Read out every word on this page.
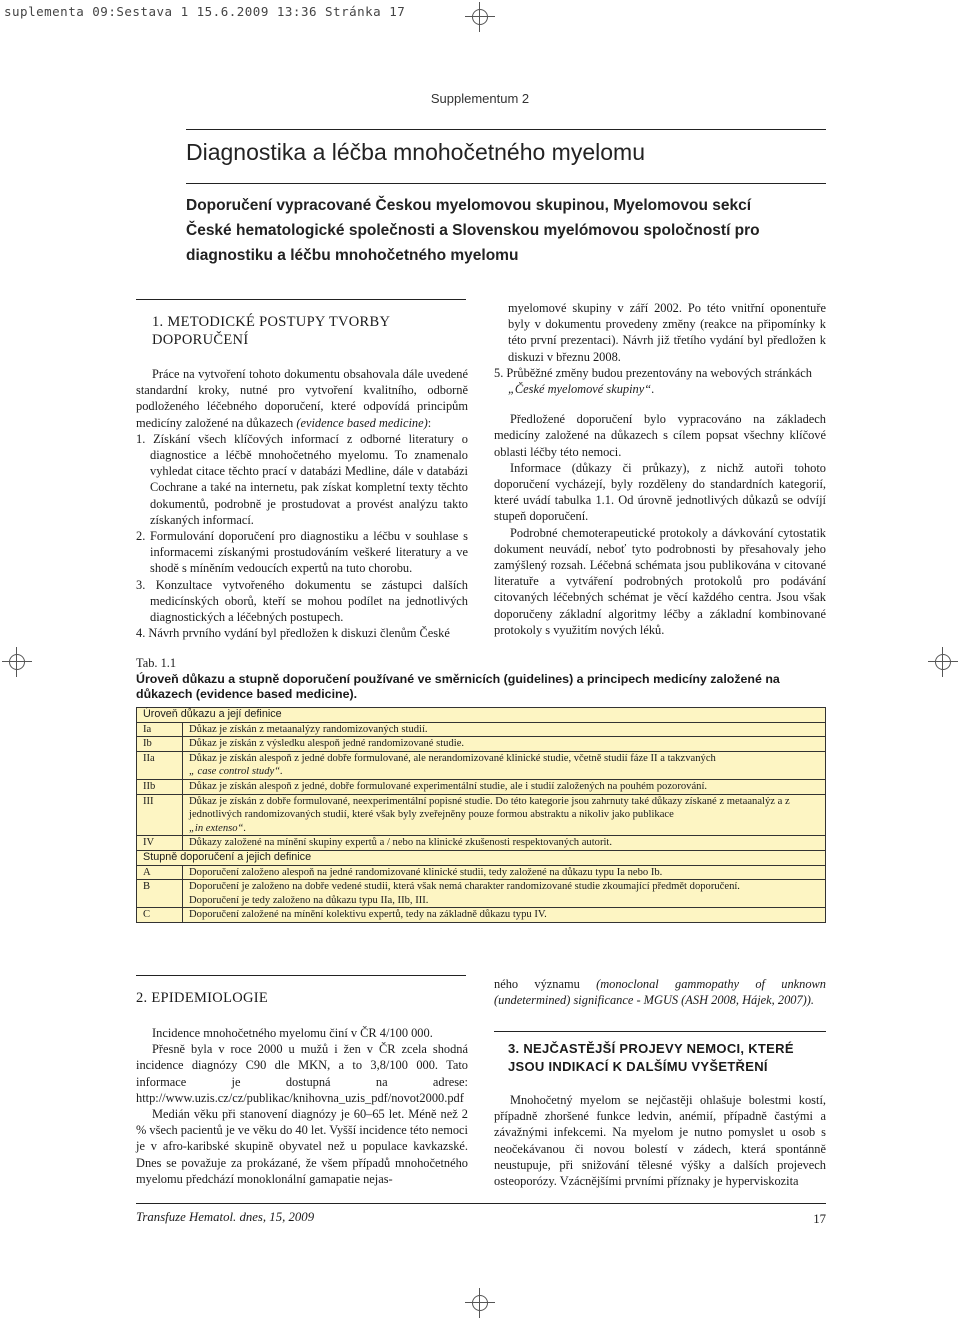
suplementa 09:Sestava 1 15.6.2009 13:36 Stránka 17
Supplementum 2
Diagnostika a léčba mnohočetného myelomu
Doporučení vypracované Českou myelomovou skupinou, Myelomovou sekcí České hematologické společnosti a Slovenskou myelómovou spoločností pro diagnostiku a léčbu mnohočetného myelomu

1. METODICKÉ POSTUPY TVORBY
DOPORUČENÍ

Práce na vytvoření tohoto dokumentu obsahovala dále uvedené standardní kroky, nutné pro vytvoření kvalitního, odborně podloženého léčebného doporučení, které odpovídá principům medicíny založené na důkazech (evidence based medicine):

1. Získání všech klíčových informací z odborné literatury o diagnostice a léčbě mnohočetného myelomu. To znamenalo vyhledat citace těchto prací v databázi Medline, dále v databázi Cochrane a také na internetu, pak získat kompletní texty těchto dokumentů, podrobně je prostudovat a provést analýzu takto získaných informací.

2. Formulování doporučení pro diagnostiku a léčbu v souhlase s informacemi získanými prostudováním veškeré literatury a ve shodě s míněním vedoucích expertů na tuto chorobu.

3. Konzultace vytvořeného dokumentu se zástupci dalších medicínských oborů, kteří se mohou podílet na jednotlivých diagnostických a léčebných postupech.

4. Návrh prvního vydání byl předložen k diskuzi členům České

myelomové skupiny v září 2002. Po této vnitřní oponentuře byly v dokumentu provedeny změny (reakce na připomínky k této první prezentaci). Návrh již třetího vydání byl předložen k diskuzi v březnu 2008.

5. Průběžné změny budou prezentovány na webových stránkách „České myelomové skupiny“.

Předložené doporučení bylo vypracováno na základech medicíny založené na důkazech s cílem popsat všechny klíčové oblasti léčby této nemoci.

Informace (důkazy či průkazy), z nichž autoři tohoto doporučení vycházejí, byly rozděleny do standardních kategorií, které uvádí tabulka 1.1. Od úrovně jednotlivých důkazů se odvíjí stupeň doporučení.

Podrobné chemoterapeutické protokoly a dávkování cytostatik dokument neuvádí, neboť tyto podrobnosti by přesahovaly jeho zamýšlený rozsah. Léčebná schémata jsou publikována v citované literatuře a vytváření podrobných protokolů pro podávání citovaných léčebných schémat je věcí každého centra. Jsou však doporučeny základní algoritmy léčby a základní kombinované protokoly s využitím nových léků.

Tab. 1.1
Úroveň důkazu a stupně doporučení používané ve směrnicích (guidelines) a principech medicíny založené na důkazech (evidence based medicine).
Úroveň důkazu a její definice	
Ia	Důkaz je získán z metaanalýzy randomizovaných studií.
Ib	Důkaz je získán z výsledku alespoň jedné randomizované studie.
IIa	Důkaz je získán alespoň z jedné dobře formulované, ale nerandomizované klinické studie, včetně studií fáze II a takzvaných
„ case control study“.
IIb	Důkaz je získán alespoň z jedné, dobře formulované experimentální studie, ale i studií založených na pouhém pozorování.
III	Důkaz je získán z dobře formulované, neexperimentální popisné studie. Do této kategorie jsou zahrnuty také důkazy získané z metaanalýz a z jednotlivých randomizovaných studií, které však byly zveřejněny pouze formou abstraktu a nikoliv jako publikace
„in extenso“.
IV	Důkazy založené na mínění skupiny expertů a / nebo na klinické zkušenosti respektovaných autorit.
Stupně doporučení a jejich definice	
A	Doporučení založeno alespoň na jedné randomizované klinické studii, tedy založené na důkazu typu Ia nebo Ib.
B	Doporučení je založeno na dobře vedené studii, která však nemá charakter randomizované studie zkoumající předmět doporučení.
Doporučení je tedy založeno na důkazu typu IIa, IIb, III.
C	Doporučení založené na mínění kolektivu expertů, tedy na základně důkazu typu IV.

2. EPIDEMIOLOGIE

Incidence mnohočetného myelomu činí v ČR 4/100 000.

Přesně byla v roce 2000 u mužů i žen v ČR zcela shodná incidence diagnózy C90 dle MKN, a to 3,8/100 000. Tato informace je dostupná na adrese: http://www.uzis.cz/cz/publikac/knihovna_uzis_pdf/novot2000.pdf

Medián věku při stanovení diagnózy je 60–65 let. Méně než 2 % všech pacientů je ve věku do 40 let. Vyšší incidence této nemoci je v afro-karibské skupině obyvatel než u populace kavkazské. Dnes se považuje za prokázané, že všem případů mnohočetného myelomu předchází monoklonální gamapatie nejas-

ného významu (monoclonal gammopathy of unknown (undetermined) significance - MGUS (ASH 2008, Hájek, 2007)).

3. NEJČASTĚJŠÍ PROJEVY NEMOCI, KTERÉ
JSOU INDIKACÍ K DALŠÍMU VYŠETŘENÍ

Mnohočetný myelom se nejčastěji ohlašuje bolestmi kostí, případně zhoršené funkce ledvin, anémií, případně častými a závažnými infekcemi. Na myelom je nutno pomyslet u osob s neočekávanou či novou bolestí v zádech, která spontánně neustupuje, při snižování tělesné výšky a dalších projevech osteoporózy. Vzácnějšími prvními příznaky je hyperviskozita

Transfuze Hematol. dnes, 15, 2009	17
